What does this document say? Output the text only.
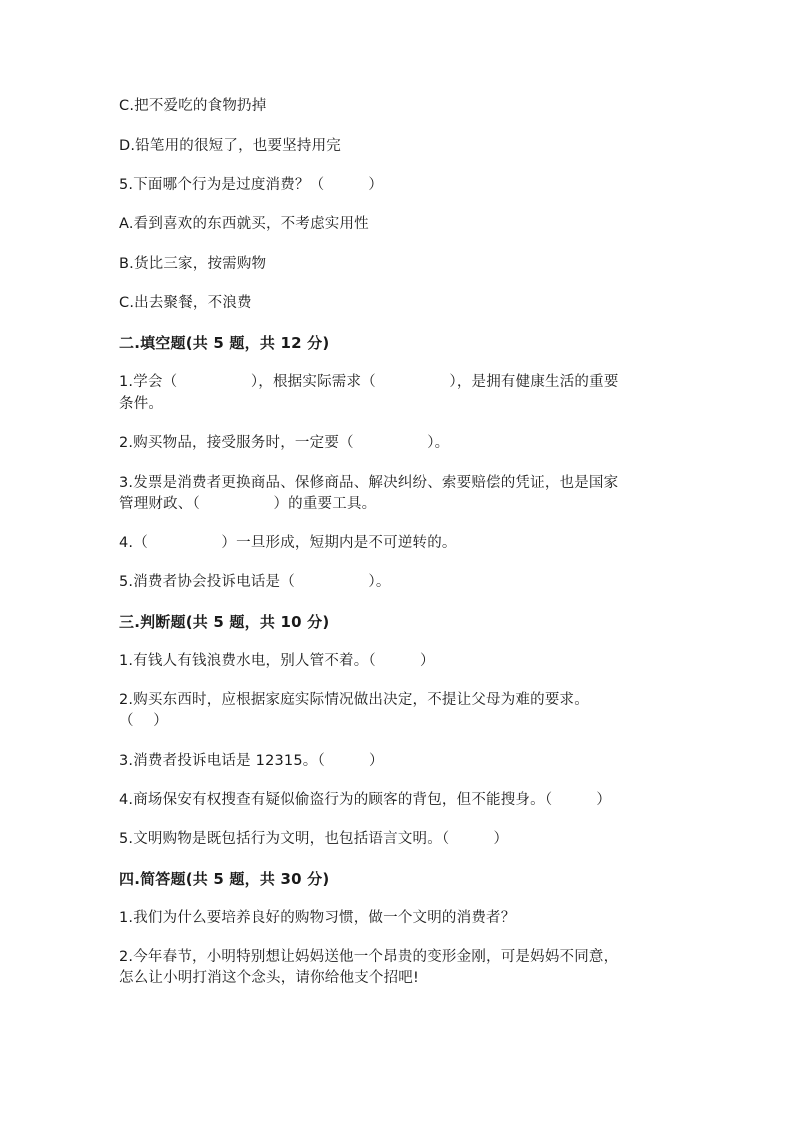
C.把不爱吃的食物扔掉
D.铅笔用的很短了，也要坚持用完
5.下面哪个行为是过度消费？（　　　）
A.看到喜欢的东西就买，不考虑实用性
B.货比三家，按需购物
C.出去聚餐，不浪费
二.填空题(共 5 题，共 12 分)
1.学会（　　　　　），根据实际需求（　　　　　），是拥有健康生活的重要
条件。
2.购买物品，接受服务时，一定要（　　　　　）。
3.发票是消费者更换商品、保修商品、解决纠纷、索要赔偿的凭证，也是国家
管理财政、（　　　　　）的重要工具。
4.（　　　　　）一旦形成，短期内是不可逆转的。
5.消费者协会投诉电话是（　　　　　）。
三.判断题(共 5 题，共 10 分)
1.有钱人有钱浪费水电，别人管不着。（　　　）
2.购买东西时，应根据家庭实际情况做出决定，不提让父母为难的要求。
（　 ）
3.消费者投诉电话是 12315。（　　　）
4.商场保安有权搜查有疑似偷盗行为的顾客的背包，但不能搜身。（　　　）
5.文明购物是既包括行为文明，也包括语言文明。（　　　）
四.简答题(共 5 题，共 30 分)
1.我们为什么要培养良好的购物习惯，做一个文明的消费者？
2.今年春节，小明特别想让妈妈送他一个昂贵的变形金刚，可是妈妈不同意，
怎么让小明打消这个念头，请你给他支个招吧!
